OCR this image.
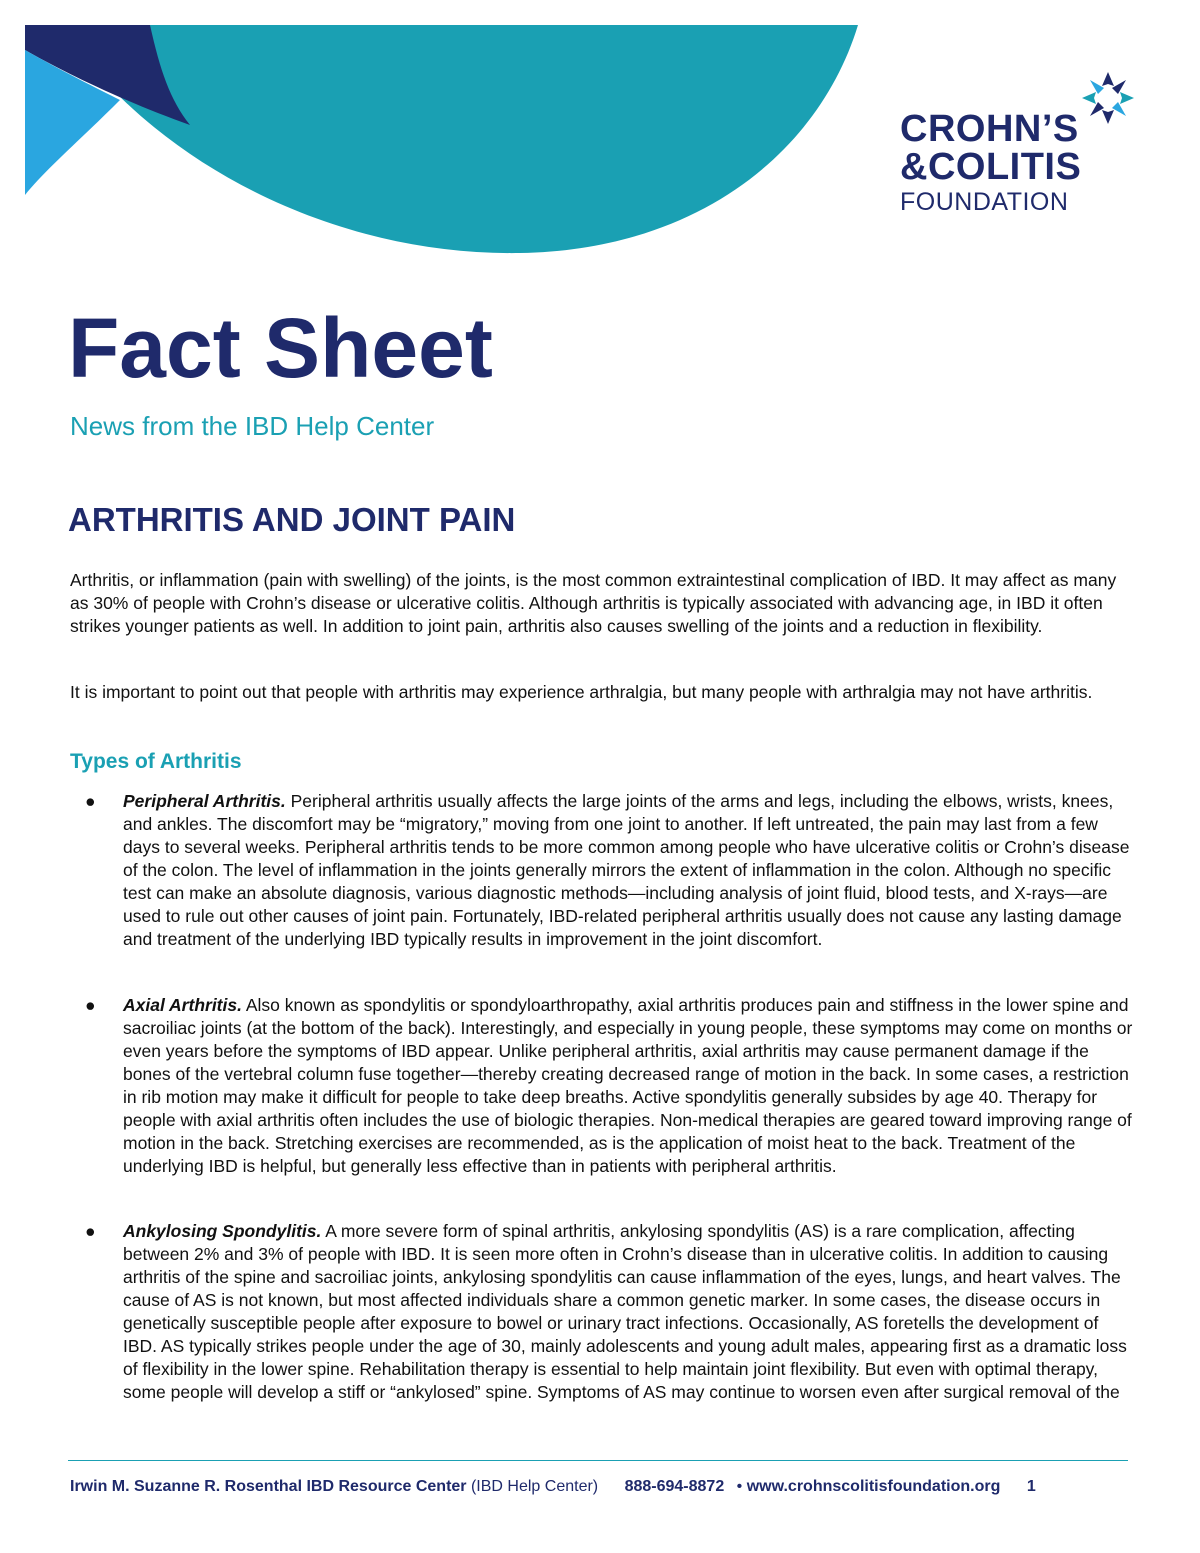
CROHN’S
&COLITIS
FOUNDATION
Fact Sheet

News from the IBD Help Center

ARTHRITIS AND JOINT PAIN

Arthritis, or inflammation (pain with swelling) of the joints, is the most common extraintestinal complication of IBD. It may affect as many as 30% of people with Crohn’s disease or ulcerative colitis. Although arthritis is typically associated with advancing age, in IBD it often strikes younger patients as well. In addition to joint pain, arthritis also causes swelling of the joints and a reduction in flexibility.

It is important to point out that people with arthritis may experience arthralgia, but many people with arthralgia may not have arthritis.

Types of Arthritis
● Peripheral Arthritis. Peripheral arthritis usually affects the large joints of the arms and legs, including the elbows, wrists, knees, and ankles. The discomfort may be “migratory,” moving from one joint to another. If left untreated, the pain may last from a few days to several weeks. Peripheral arthritis tends to be more common among people who have ulcerative colitis or Crohn’s disease of the colon. The level of inflammation in the joints generally mirrors the extent of inflammation in the colon. Although no specific test can make an absolute diagnosis, various diagnostic methods—including analysis of joint fluid, blood tests, and X-rays—are used to rule out other causes of joint pain. Fortunately, IBD-related peripheral arthritis usually does not cause any lasting damage and treatment of the underlying IBD typically results in improvement in the joint discomfort.

● Axial Arthritis. Also known as spondylitis or spondyloarthropathy, axial arthritis produces pain and stiffness in the lower spine and sacroiliac joints (at the bottom of the back). Interestingly, and especially in young people, these symptoms may come on months or even years before the symptoms of IBD appear. Unlike peripheral arthritis, axial arthritis may cause permanent damage if the bones of the vertebral column fuse together—thereby creating decreased range of motion in the back. In some cases, a restriction in rib motion may make it difficult for people to take deep breaths. Active spondylitis generally subsides by age 40. Therapy for people with axial arthritis often includes the use of biologic therapies. Non-medical therapies are geared toward improving range of motion in the back. Stretching exercises are recommended, as is the application of moist heat to the back. Treatment of the underlying IBD is helpful, but generally less effective than in patients with peripheral arthritis.

● Ankylosing Spondylitis. A more severe form of spinal arthritis, ankylosing spondylitis (AS) is a rare complication, affecting between 2% and 3% of people with IBD. It is seen more often in Crohn’s disease than in ulcerative colitis. In addition to causing arthritis of the spine and sacroiliac joints, ankylosing spondylitis can cause inflammation of the eyes, lungs, and heart valves. The cause of AS is not known, but most affected individuals share a common genetic marker. In some cases, the disease occurs in genetically susceptible people after exposure to bowel or urinary tract infections. Occasionally, AS foretells the development of IBD. AS typically strikes people under the age of 30, mainly adolescents and young adult males, appearing first as a dramatic loss of flexibility in the lower spine. Rehabilitation therapy is essential to help maintain joint flexibility. But even with optimal therapy, some people will develop a stiff or “ankylosed” spine. Symptoms of AS may continue to worsen even after surgical removal of the

Irwin M. Suzanne R. Rosenthal IBD Resource Center (IBD Help Center) 888-694-8872 • www.crohnscolitisfoundation.org 1
